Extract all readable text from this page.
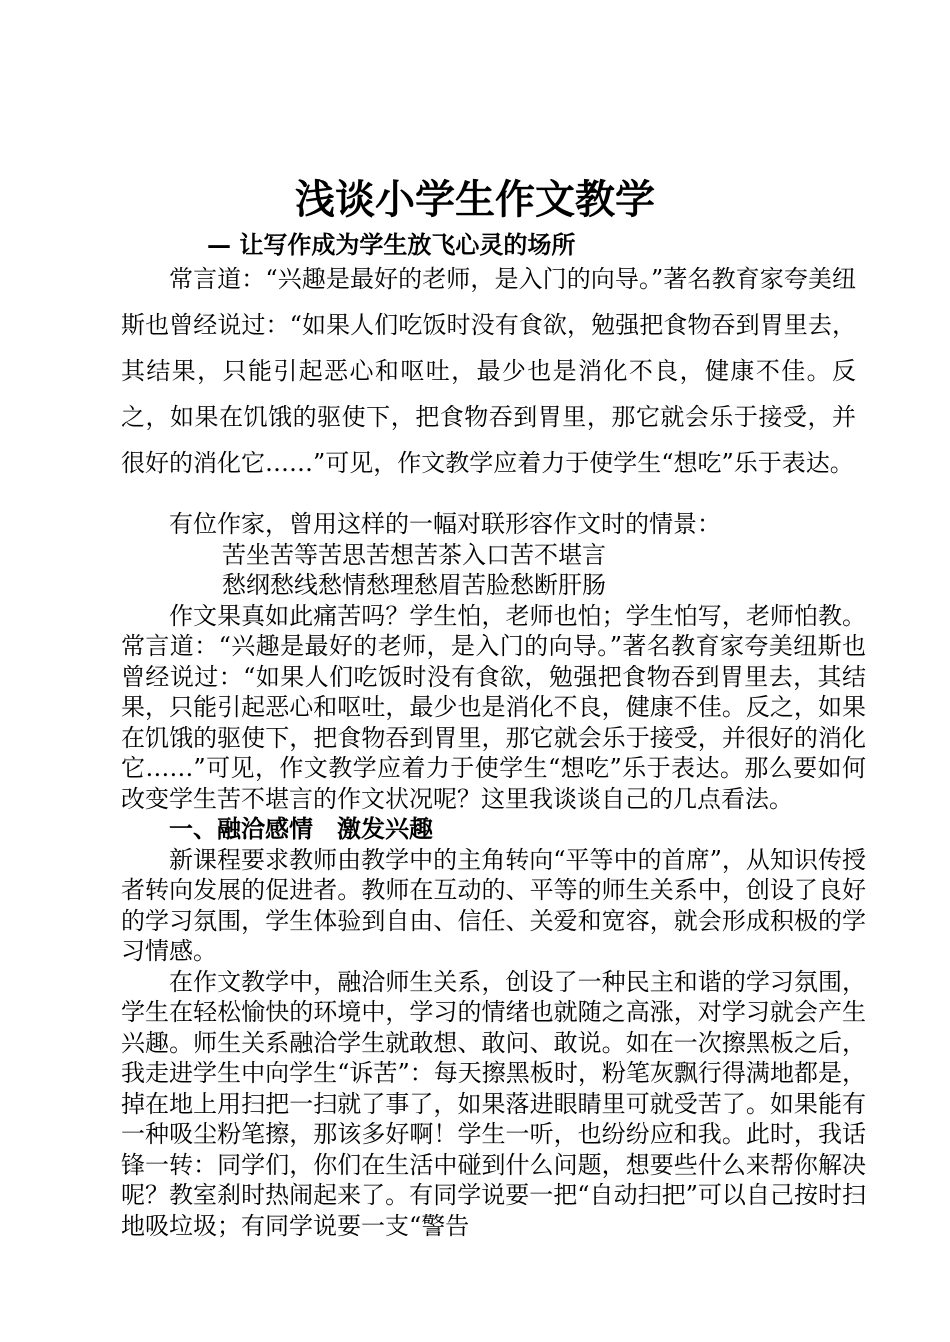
浅谈小学生作文教学

— 让写作成为学生放飞心灵的场所

常言道：“兴趣是最好的老师，是入门的向导。”著名教育家夸美纽斯也曾经说过：“如果人们吃饭时没有食欲，勉强把食物吞到胃里去，其结果，只能引起恶心和呕吐，最少也是消化不良，健康不佳。反之，如果在饥饿的驱使下，把食物吞到胃里，那它就会乐于接受，并很好的消化它……”可见，作文教学应着力于使学生“想吃”乐于表达。

有位作家，曾用这样的一幅对联形容作文时的情景：

苦坐苦等苦思苦想苦茶入口苦不堪言

愁纲愁线愁情愁理愁眉苦脸愁断肝肠

作文果真如此痛苦吗？学生怕，老师也怕；学生怕写，老师怕教。常言道：“兴趣是最好的老师，是入门的向导。”著名教育家夸美纽斯也曾经说过：“如果人们吃饭时没有食欲，勉强把食物吞到胃里去，其结果，只能引起恶心和呕吐，最少也是消化不良，健康不佳。反之，如果在饥饿的驱使下，把食物吞到胃里，那它就会乐于接受，并很好的消化它……”可见，作文教学应着力于使学生“想吃”乐于表达。那么要如何改变学生苦不堪言的作文状况呢？这里我谈谈自己的几点看法。

一、融洽感情　激发兴趣

新课程要求教师由教学中的主角转向“平等中的首席”，从知识传授者转向发展的促进者。教师在互动的、平等的师生关系中，创设了良好的学习氛围，学生体验到自由、信任、关爱和宽容，就会形成积极的学习情感。

在作文教学中，融洽师生关系，创设了一种民主和谐的学习氛围，学生在轻松愉快的环境中，学习的情绪也就随之高涨，对学习就会产生兴趣。师生关系融洽学生就敢想、敢问、敢说。如在一次擦黑板之后，我走进学生中向学生“诉苦”：每天擦黑板时，粉笔灰飘行得满地都是，掉在地上用扫把一扫就了事了，如果落进眼睛里可就受苦了。如果能有一种吸尘粉笔擦，那该多好啊！学生一听，也纷纷应和我。此时，我话锋一转：同学们，你们在生活中碰到什么问题，想要些什么来帮你解决呢？教室刹时热闹起来了。有同学说要一把“自动扫把”可以自己按时扫地吸垃圾；有同学说要一支“警告
